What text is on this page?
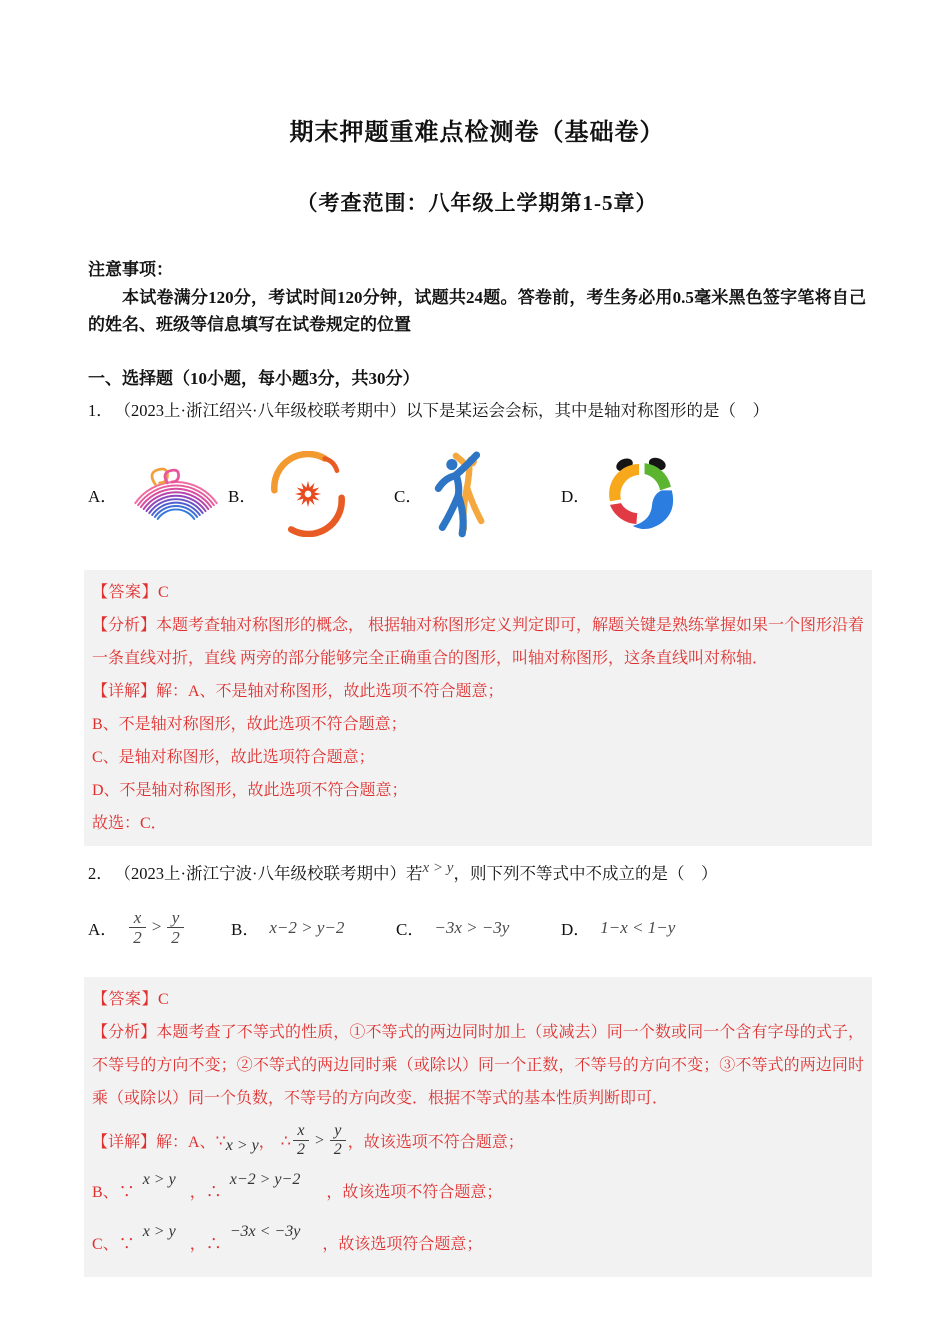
期末押题重难点检测卷（基础卷）
（考查范围：八年级上学期第1-5章）
注意事项：

本试卷满分120分，考试时间120分钟，试题共24题。答卷前，考生务必用0.5毫米黑色签字笔将自己的姓名、班级等信息填写在试卷规定的位置

一、选择题（10小题，每小题3分，共30分）

1． （2023上·浙江绍兴·八年级校联考期中）以下是某运会会标，其中是轴对称图形的是（　）

A．	B．	C．	D．

【答案】C

【分析】本题考查轴对称图形的概念， 根据轴对称图形定义判定即可，解题关键是熟练掌握如果一个图形沿着一条直线对折，直线 两旁的部分能够完全正确重合的图形，叫轴对称图形，这条直线叫对称轴．

【详解】解：A、不是轴对称图形，故此选项不符合题意；

B、不是轴对称图形，故此选项不符合题意；

C、是轴对称图形，故此选项符合题意；

D、不是轴对称图形，故此选项不符合题意；

故选：C．

2． （2023上·浙江宁波·八年级校联考期中）若x > y，则下列不等式中不成立的是（　）

A． $\frac{x}{2} > \frac{y}{2}$	B． x−2 > y−2	C． −3x > −3y	D． 1−x < 1−y

【答案】C

【分析】本题考查了不等式的性质，①不等式的两边同时加上（或减去）同一个数或同一个含有字母的式子，不等号的方向不变；②不等式的两边同时乘（或除以）同一个正数，不等号的方向不变；③不等式的两边同时乘（或除以）同一个负数，不等号的方向改变．根据不等式的基本性质判断即可．

【详解】解：A、 ∵ x > y ， ∴ $\frac{x}{2} > \frac{y}{2}$ ，故该选项不符合题意；

B、∵x > y，∴x−2 > y−2，故该选项不符合题意；

C、∵x > y，∴−3x < −3y，故该选项符合题意；
